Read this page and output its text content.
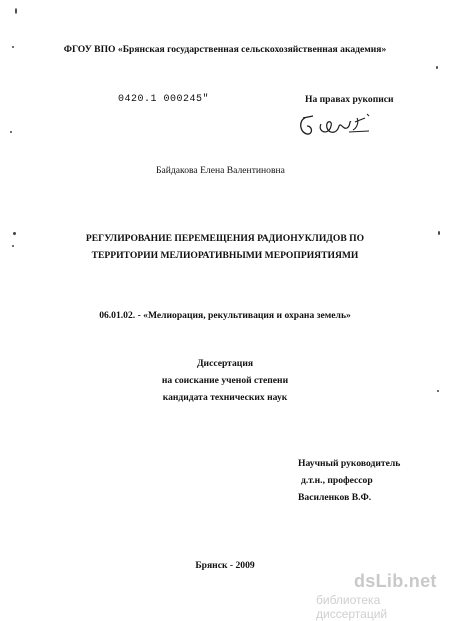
ФГОУ ВПО «Брянская государственная сельскохозяйственная академия»
0420.1 000245"	На правах рукописи
Байдакова Елена Валентиновна
РЕГУЛИРОВАНИЕ ПЕРЕМЕЩЕНИЯ РАДИОНУКЛИДОВ ПО
ТЕРРИТОРИИ МЕЛИОРАТИВНЫМИ МЕРОПРИЯТИЯМИ
06.01.02. - «Мелиорация, рекультивация и охрана земель»
Диссертация
на соискание ученой степени
кандидата технических наук
Научный руководитель
д.т.н., профессор
Василенков В.Ф.
Брянск - 2009
dsLib.net
библиотека диссертаций
